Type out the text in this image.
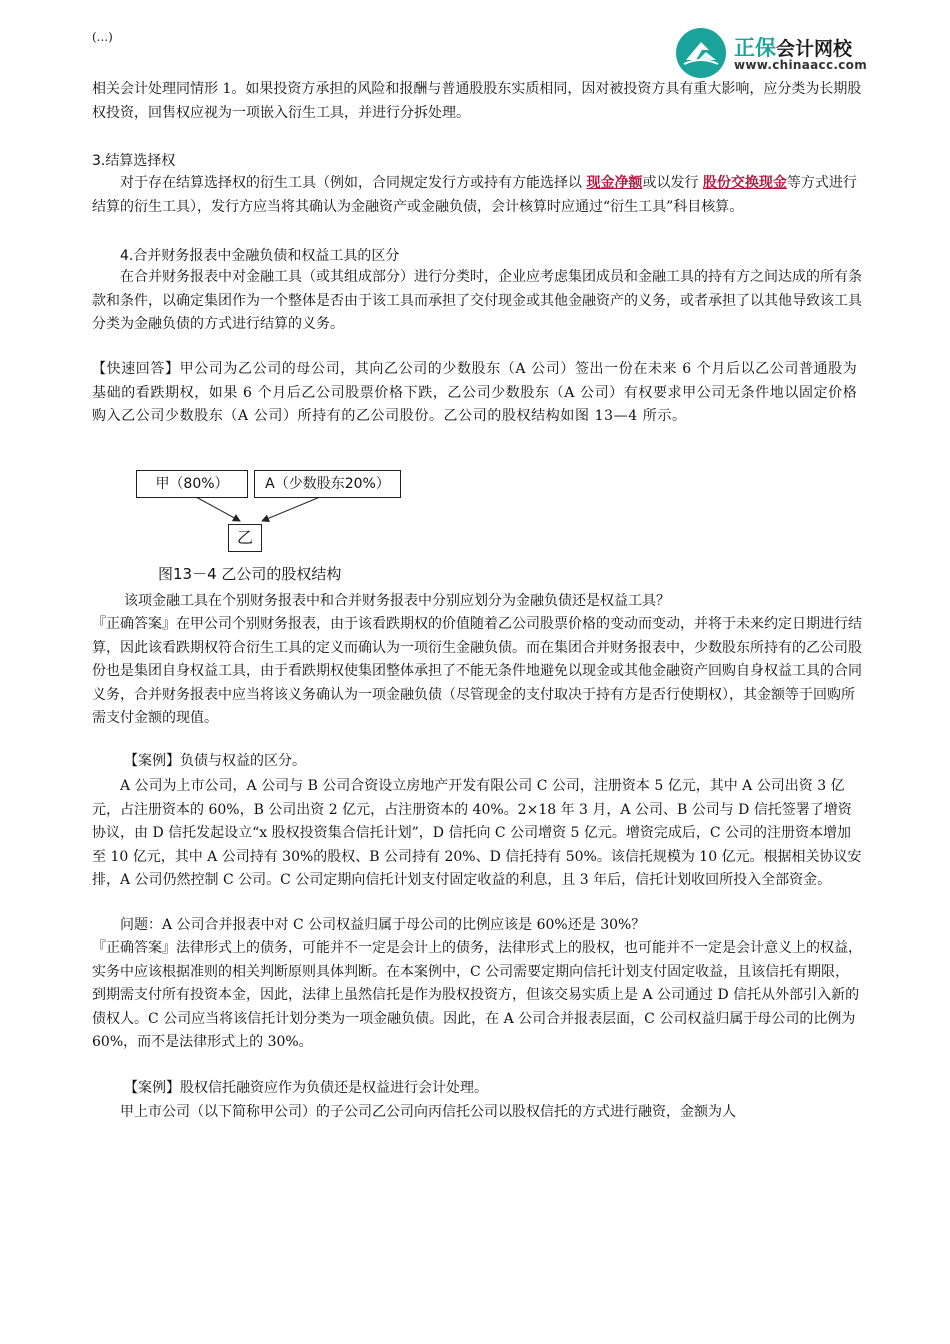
(...)	正保会计网校
www.chinaacc.com

相关会计处理同情形 1。如果投资方承担的风险和报酬与普通股股东实质相同，因对被投资方具有重大影响，应分类为长期股权投资，回售权应视为一项嵌入衍生工具，并进行分拆处理。

3.结算选择权

对于存在结算选择权的衍生工具（例如，合同规定发行方或持有方能选择以 现金净额或以发行 股份交换现金等方式进行结算的衍生工具），发行方应当将其确认为金融资产或金融负债，会计核算时应通过“衍生工具”科目核算。

4.合并财务报表中金融负债和权益工具的区分

在合并财务报表中对金融工具（或其组成部分）进行分类时，企业应考虑集团成员和金融工具的持有方之间达成的所有条款和条件，以确定集团作为一个整体是否由于该工具而承担了交付现金或其他金融资产的义务，或者承担了以其他导致该工具分类为金融负债的方式进行结算的义务。

【快速回答】甲公司为乙公司的母公司，其向乙公司的少数股东（A 公司）签出一份在未来 6 个月后以乙公司普通股为基础的看跌期权，如果 6 个月后乙公司股票价格下跌，乙公司少数股东（A 公司）有权要求甲公司无条件地以固定价格购入乙公司少数股东（A 公司）所持有的乙公司股份。乙公司的股权结构如图 13—4 所示。

甲（80%）	A（少数股东20%）
乙
图13－4 乙公司的股权结构

该项金融工具在个别财务报表中和合并财务报表中分别应划分为金融负债还是权益工具？

『正确答案』在甲公司个别财务报表，由于该看跌期权的价值随着乙公司股票价格的变动而变动，并将于未来约定日期进行结算，因此该看跌期权符合衍生工具的定义而确认为一项衍生金融负债。而在集团合并财务报表中，少数股东所持有的乙公司股份也是集团自身权益工具，由于看跌期权使集团整体承担了不能无条件地避免以现金或其他金融资产回购自身权益工具的合同义务，合并财务报表中应当将该义务确认为一项金融负债（尽管现金的支付取决于持有方是否行使期权），其金额等于回购所需支付金额的现值。

【案例】负债与权益的区分。

A 公司为上市公司，A 公司与 B 公司合资设立房地产开发有限公司 C 公司，注册资本 5 亿元，其中 A 公司出资 3 亿元，占注册资本的 60%，B 公司出资 2 亿元，占注册资本的 40%。2×18 年 3 月，A 公司、B 公司与 D 信托签署了增资协议，由 D 信托发起设立“x 股权投资集合信托计划”，D 信托向 C 公司增资 5 亿元。增资完成后，C 公司的注册资本增加至 10 亿元，其中 A 公司持有 30%的股权、B 公司持有 20%、D 信托持有 50%。该信托规模为 10 亿元。根据相关协议安排，A 公司仍然控制 C 公司。C 公司定期向信托计划支付固定收益的利息，且 3 年后，信托计划收回所投入全部资金。

问题：A 公司合并报表中对 C 公司权益归属于母公司的比例应该是 60%还是 30%？

『正确答案』法律形式上的债务，可能并不一定是会计上的债务，法律形式上的股权，也可能并不一定是会计意义上的权益，实务中应该根据准则的相关判断原则具体判断。在本案例中，C 公司需要定期向信托计划支付固定收益，且该信托有期限，到期需支付所有投资本金，因此，法律上虽然信托是作为股权投资方，但该交易实质上是 A 公司通过 D 信托从外部引入新的债权人。C 公司应当将该信托计划分类为一项金融负债。因此，在 A 公司合并报表层面，C 公司权益归属于母公司的比例为 60%，而不是法律形式上的 30%。

【案例】股权信托融资应作为负债还是权益进行会计处理。

甲上市公司（以下简称甲公司）的子公司乙公司向丙信托公司以股权信托的方式进行融资，金额为人
